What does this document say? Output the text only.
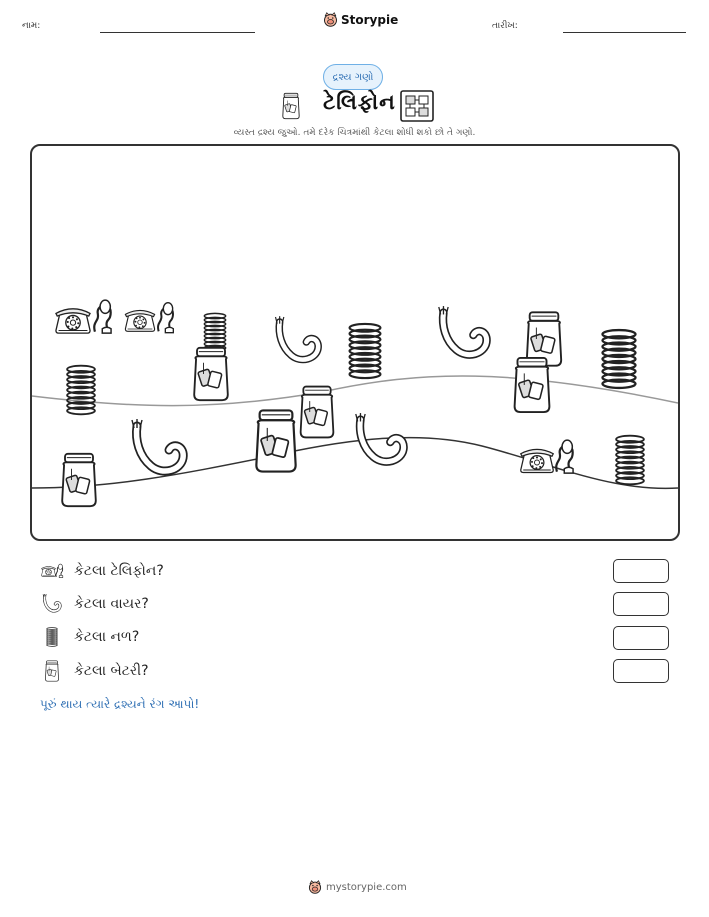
નામ:	Storypie	તારીખ:
દ્રશ્ય ગણો
ટેલિફોન
વ્યસ્ત દ્રશ્ય જુઓ. તમે દરેક ચિત્રમાંથી કેટલા શોધી શકો છો તે ગણો.
કેટલા ટેલિફોન?
કેટલા વાયર?
કેટલા નળ?
કેટલા બેટરી?
પૂરું થાય ત્યારે દ્રશ્યને રંગ આપો!
mystorypie.com
